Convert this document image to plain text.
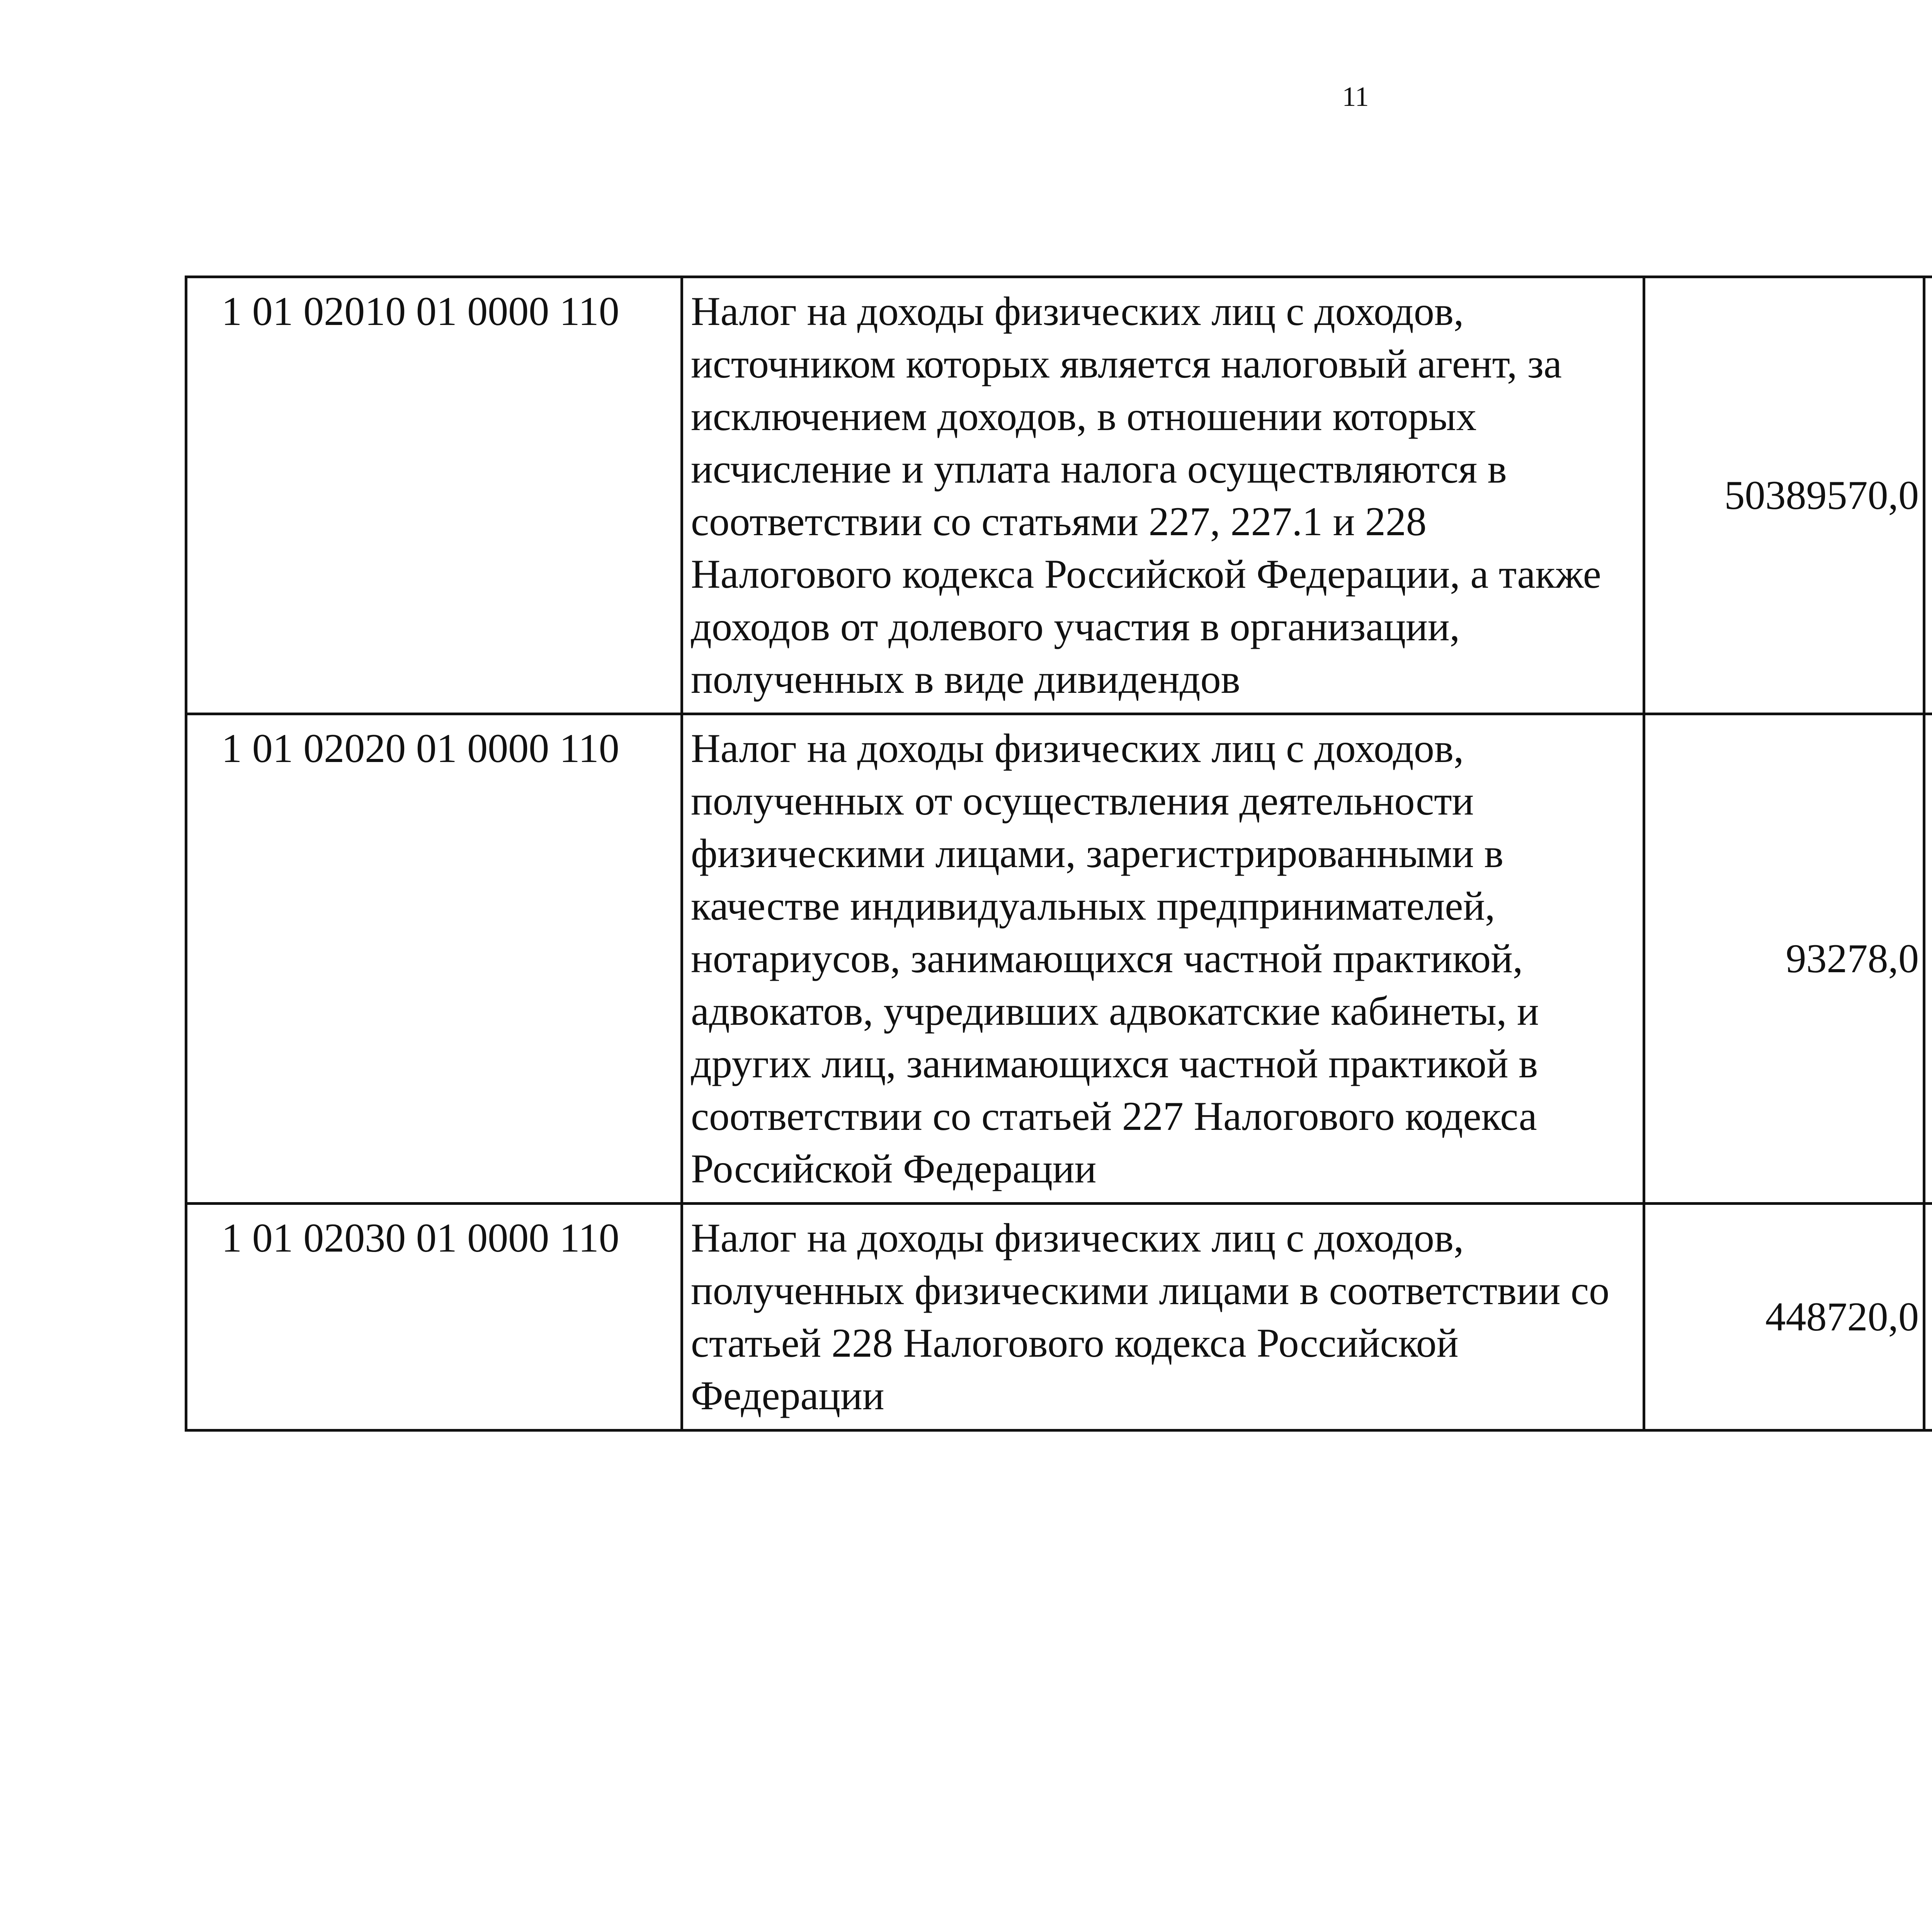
11
1 01 02010 01 0000 110	Налог на доходы физических лиц с доходов, источником которых является налоговый агент, за исключением доходов, в отношении которых исчисление и уплата налога осуществляются в соответствии со статьями 227, 227.1 и 228 Налогового кодекса Российской Федерации, а также доходов от долевого участия в организации, полученных в виде дивидендов	50389570,0		
1 01 02020 01 0000 110	Налог на доходы физических лиц с доходов, полученных от осуществления деятельности физическими лицами, зарегистрированными в качестве индивидуальных предпринимателей, нотариусов, занимающихся частной практикой, адвокатов, учредивших адвокатские кабинеты, и других лиц, занимающихся частной практикой в соответствии со статьей 227 Налогового кодекса Российской Федерации	93278,0		
1 01 02030 01 0000 110	Налог на доходы физических лиц с доходов, полученных физическими лицами в соответствии со статьей 228 Налогового кодекса Российской Федерации	448720,0		
